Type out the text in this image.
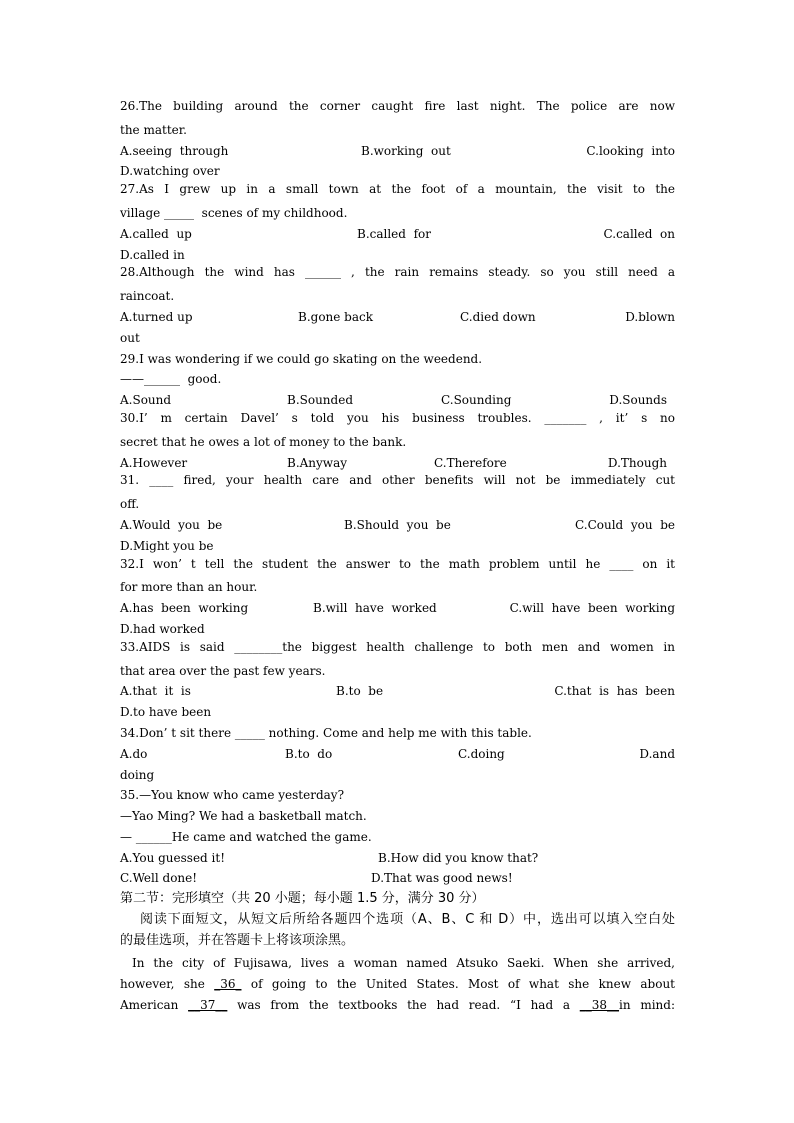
26.The building around the corner caught fire last night. The police are now
the matter.

A.seeing  through

	B.working  out

	C.looking  into

D.watching over
27.As I grew up in a small town at the foot of a mountain, the visit to the
village _____  scenes of my childhood.

A.called  up

	B.called  for

	C.called  on

D.called in
28.Although the wind has ______ , the rain remains steady. so you still need a
raincoat.

A.turned up

	B.gone back

	C.died down

	D.blown

out
29.I was wondering if we could go skating on the weedend.
——______  good.

A.Sound

	B.Sounded

	C.Sounding

	D.Sounds

30.I’ m certain Davel’ s told you his business troubles. _______ , it’ s no
secret that he owes a lot of money to the bank.

A.However

	B.Anyway

	C.Therefore

	D.Though

31. ____ fired, your health care and other benefits will not be immediately cut
off.

A.Would  you  be

	B.Should  you  be

	C.Could  you  be

D.Might you be
32.I won’ t tell the student the answer to the math problem until he ____ on it
for more than an hour.

A.has  been  working

	B.will  have  worked

	C.will  have  been  working

D.had worked
33.AIDS is said ________the biggest health challenge to both men and women in
that area over the past few years.

A.that  it  is

	B.to  be

	C.that  is  has  been

D.to have been
34.Don’ t sit there _____ nothing. Come and help me with this table.

A.do

	B.to  do

	C.doing

	D.and

doing
35.—You know who came yesterday?
—Yao Ming? We had a basketball match.
— ______He came and watched the game.

A.You guessed it!

	B.How did you know that?

C.Well done!

	D.That was good news!

第二节：完形填空（共 20 小题；每小题 1.5 分，满分 30 分）
阅读下面短文，从短文后所给各题四个选项（A、B、C 和 D）中，选出可以填入空白处
的最佳选项，并在答题卡上将该项涂黑。
In the city of Fujisawa, lives a woman named Atsuko Saeki. When she arrived,
however, she _36_ of going to the United States. Most of what she knew about
American __37__ was from the textbooks the had read. “I had a __38__in mind:
